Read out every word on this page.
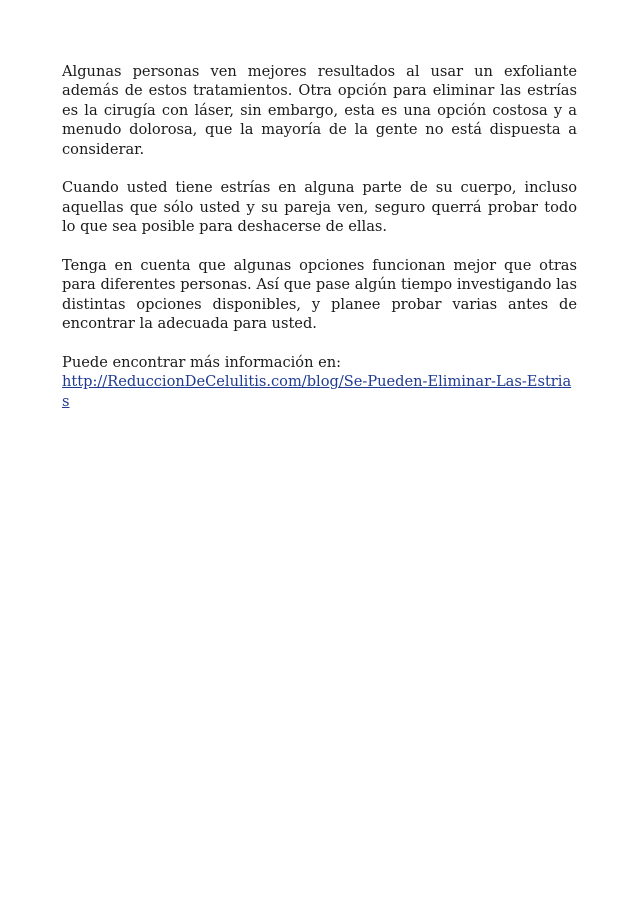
Algunas personas ven mejores resultados al usar un exfoliante además de estos tratamientos. Otra opción para eliminar las estrías es la cirugía con láser, sin embargo, esta es una opción costosa y a menudo dolorosa, que la mayoría de la gente no está dispuesta a considerar.

Cuando usted tiene estrías en alguna parte de su cuerpo, incluso aquellas que sólo usted y su pareja ven, seguro querrá probar todo lo que sea posible para deshacerse de ellas.

Tenga en cuenta que algunas opciones funcionan mejor que otras para diferentes personas. Así que pase algún tiempo investigando las distintas opciones disponibles, y planee probar varias antes de encontrar la adecuada para usted.

Puede encontrar más información en:

http://ReduccionDeCelulitis.com/blog/Se-Pueden-Eliminar-Las-Estrias
